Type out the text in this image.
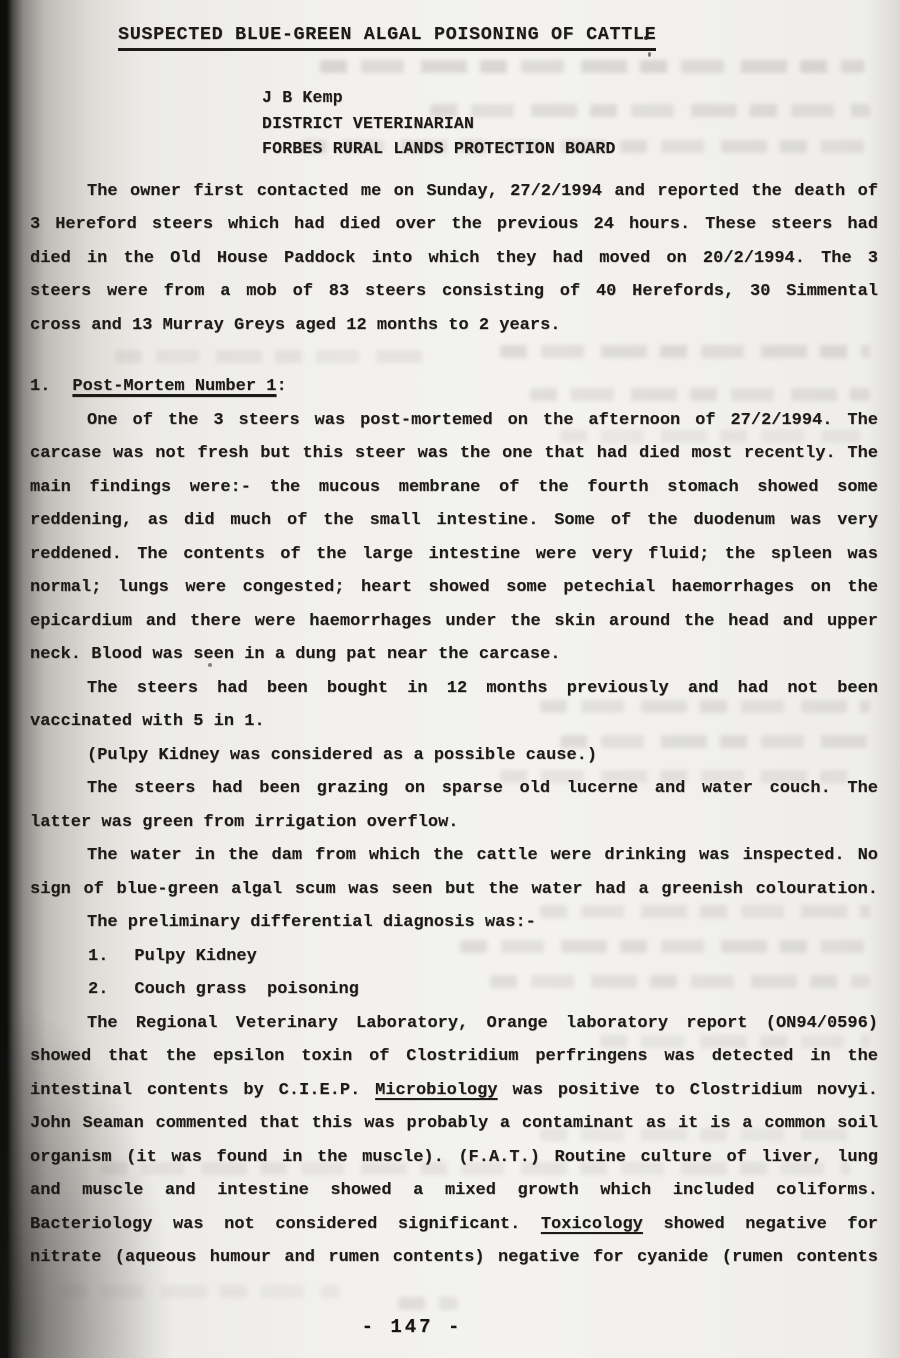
SUSPECTED BLUE-GREEN ALGAL POISONING OF CATTLE
J B Kemp
DISTRICT VETERINARIAN
FORBES RURAL LANDS PROTECTION BOARD
The owner first contacted me on Sunday, 27/2/1994 and reported the death of
3 Hereford steers which had died over the previous 24 hours. These steers had
died in the Old House Paddock into which they had moved on 20/2/1994. The 3
steers were from a mob of 83 steers consisting of 40 Herefords, 30 Simmental
cross and 13 Murray Greys aged 12 months to 2 years.
1. Post-Mortem Number 1:
One of the 3 steers was post-mortemed on the afternoon of 27/2/1994. The
carcase was not fresh but this steer was the one that had died most recently. The
main findings were:- the mucous membrane of the fourth stomach showed some
reddening, as did much of the small intestine. Some of the duodenum was very
reddened. The contents of the large intestine were very fluid; the spleen was
normal; lungs were congested; heart showed some petechial haemorrhages on the
epicardium and there were haemorrhages under the skin around the head and upper
neck. Blood was seen in a dung pat near the carcase.
The steers had been bought in 12 months previously and had not been
vaccinated with 5 in 1.
(Pulpy Kidney was considered as a possible cause.)
The steers had been grazing on sparse old lucerne and water couch. The
latter was green from irrigation overflow.
The water in the dam from which the cattle were drinking was inspected. No
sign of blue-green algal scum was seen but the water had a greenish colouration.
The preliminary differential diagnosis was:-
1. Pulpy Kidney
2. Couch grass  poisoning
The Regional Veterinary Laboratory, Orange laboratory report (ON94/0596)
showed that the epsilon toxin of Clostridium perfringens was detected in the
intestinal contents by C.I.E.P. Microbiology was positive to Clostridium novyi.
John Seaman commented that this was probably a contaminant as it is a common soil
organism (it was found in the muscle). (F.A.T.) Routine culture of liver, lung
and muscle and intestine showed a mixed growth which included coliforms.
Bacteriology was not considered significant. Toxicology showed negative for
nitrate (aqueous humour and rumen contents) negative for cyanide (rumen contents
- 147 -
